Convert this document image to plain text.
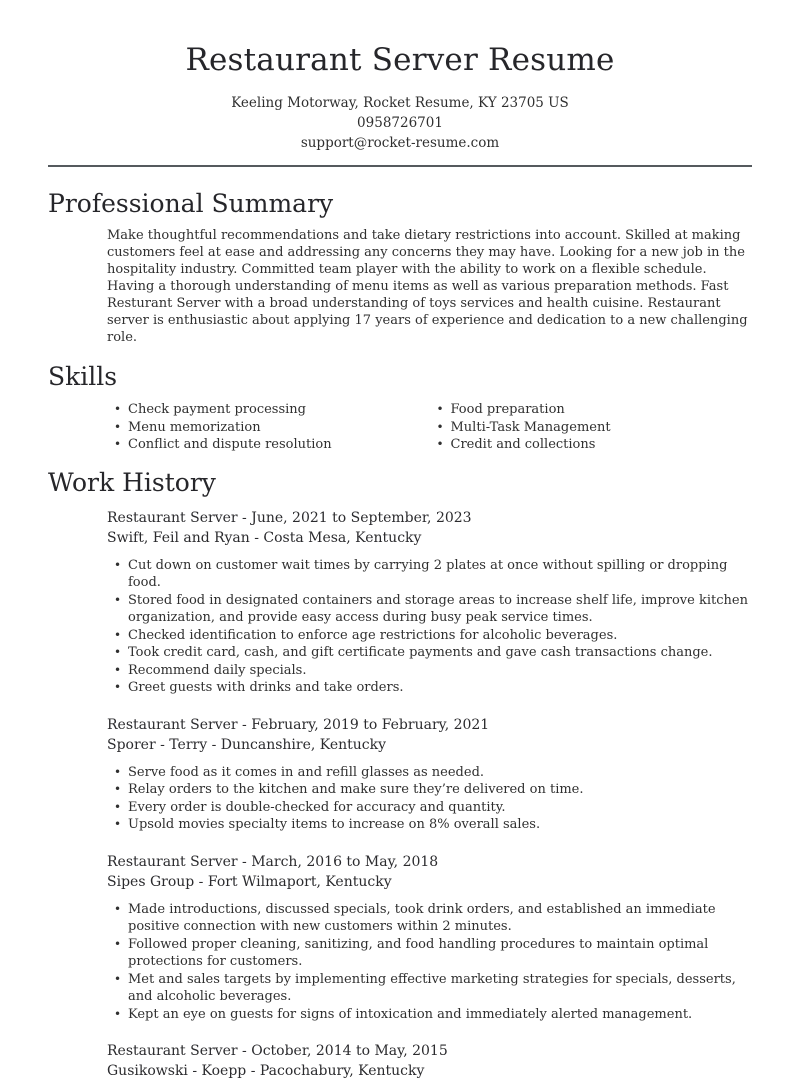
Restaurant Server Resume
Keeling Motorway, Rocket Resume, KY 23705 US
0958726701
support@rocket-resume.com
Professional Summary

Make thoughtful recommendations and take dietary restrictions into account. Skilled at making customers feel at ease and addressing any concerns they may have. Looking for a new job in the hospitality industry. Committed team player with the ability to work on a flexible schedule. Having a thorough understanding of menu items as well as various preparation methods. Fast Resturant Server with a broad understanding of toys services and health cuisine. Restaurant server is enthusiastic about applying 17 years of experience and dedication to a new challenging role.

Skills
• Check payment processing
• Menu memorization
• Conflict and dispute resolution
• Food preparation
• Multi-Task Management
• Credit and collections
Work History
Restaurant Server - June, 2021 to September, 2023
Swift, Feil and Ryan - Costa Mesa, Kentucky
• Cut down on customer wait times by carrying 2 plates at once without spilling or dropping food.
• Stored food in designated containers and storage areas to increase shelf life, improve kitchen organization, and provide easy access during busy peak service times.
• Checked identification to enforce age restrictions for alcoholic beverages.
• Took credit card, cash, and gift certificate payments and gave cash transactions change.
• Recommend daily specials.
• Greet guests with drinks and take orders.
Restaurant Server - February, 2019 to February, 2021
Sporer - Terry - Duncanshire, Kentucky
• Serve food as it comes in and refill glasses as needed.
• Relay orders to the kitchen and make sure they’re delivered on time.
• Every order is double-checked for accuracy and quantity.
• Upsold movies specialty items to increase on 8% overall sales.
Restaurant Server - March, 2016 to May, 2018
Sipes Group - Fort Wilmaport, Kentucky
• Made introductions, discussed specials, took drink orders, and established an immediate positive connection with new customers within 2 minutes.
• Followed proper cleaning, sanitizing, and food handling procedures to maintain optimal protections for customers.
• Met and sales targets by implementing effective marketing strategies for specials, desserts, and alcoholic beverages.
• Kept an eye on guests for signs of intoxication and immediately alerted management.
Restaurant Server - October, 2014 to May, 2015
Gusikowski - Koepp - Pacochabury, Kentucky
